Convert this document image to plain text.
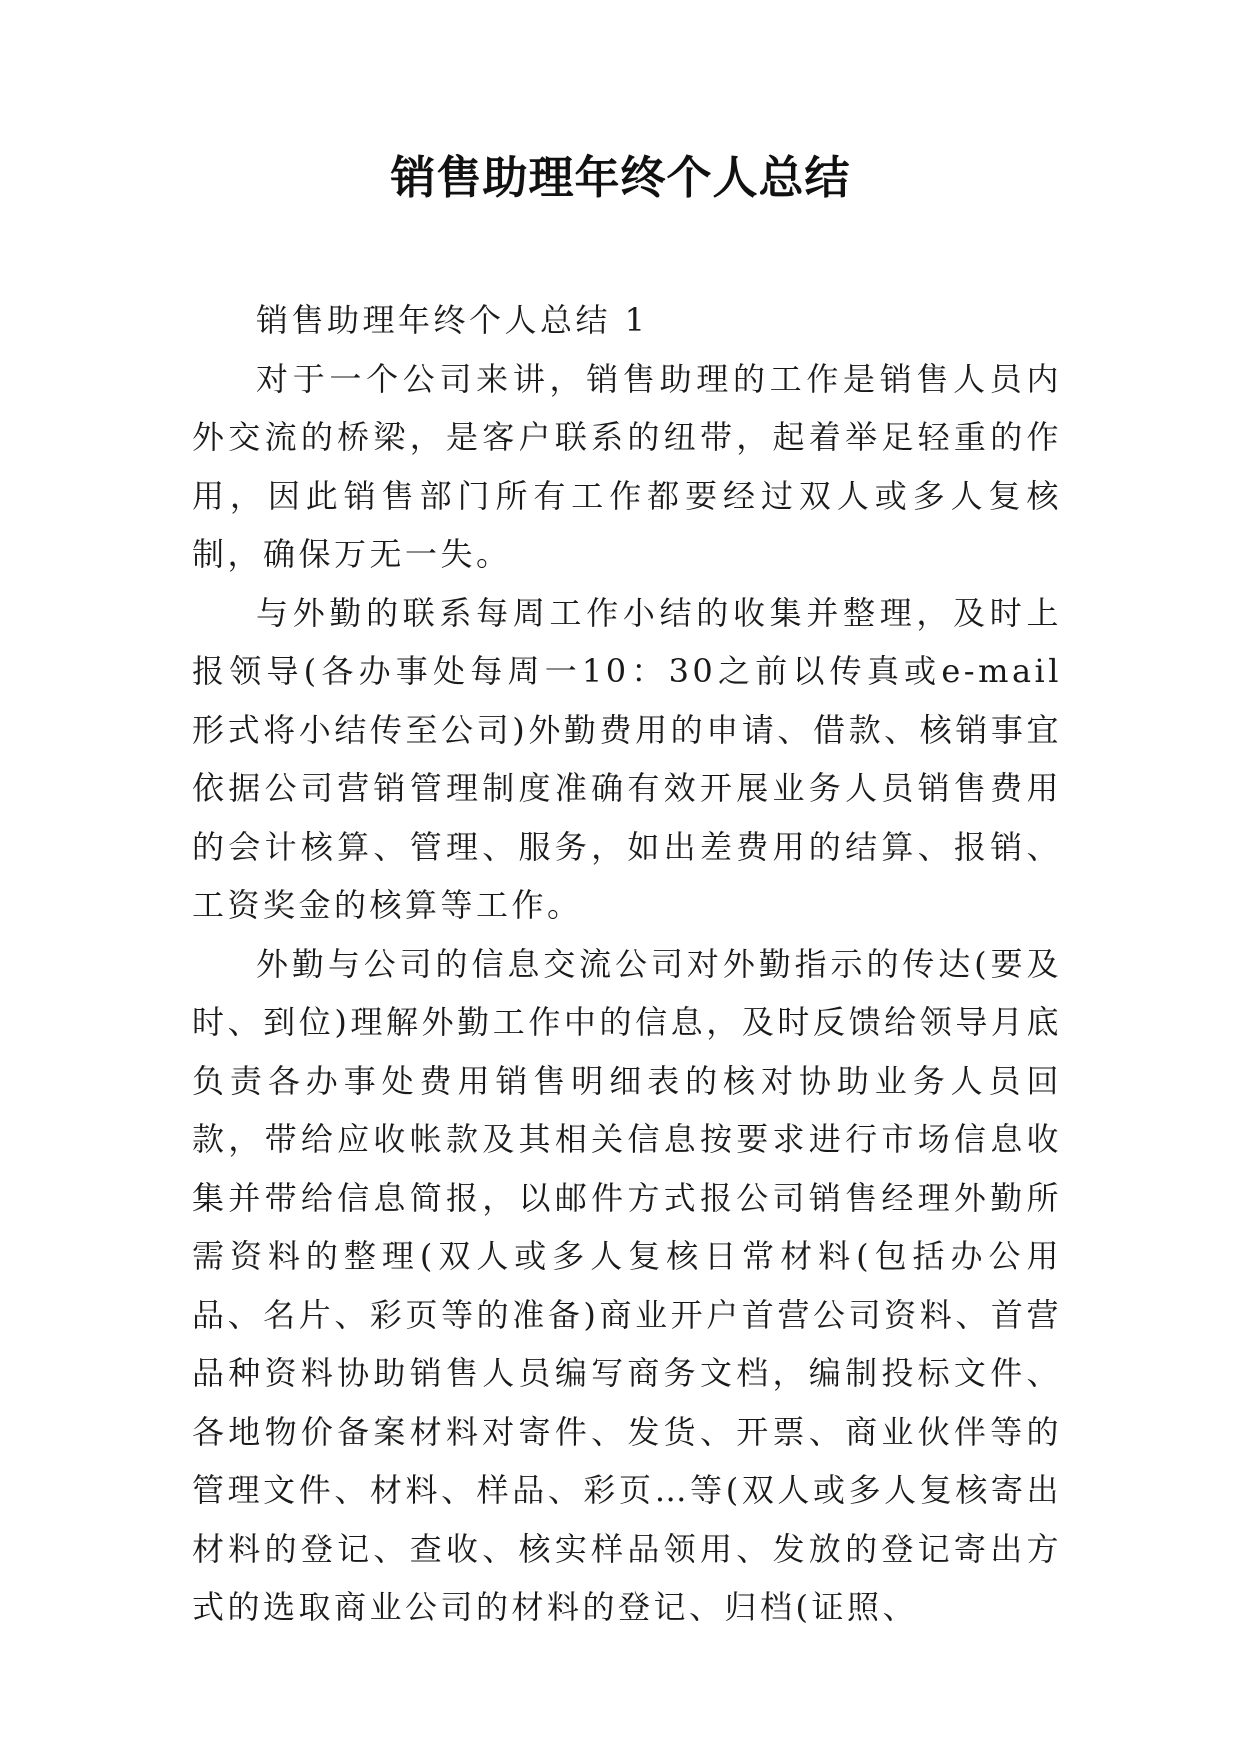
销售助理年终个人总结

销售助理年终个人总结 1

对于一个公司来讲，销售助理的工作是销售人员内外交流的桥梁，是客户联系的纽带，起着举足轻重的作用，因此销售部门所有工作都要经过双人或多人复核制，确保万无一失。

与外勤的联系每周工作小结的收集并整理，及时上报领导(各办事处每周一10：30之前以传真或e-mail形式将小结传至公司)外勤费用的申请、借款、核销事宜依据公司营销管理制度准确有效开展业务人员销售费用的会计核算、管理、服务，如出差费用的结算、报销、工资奖金的核算等工作。

外勤与公司的信息交流公司对外勤指示的传达(要及时、到位)理解外勤工作中的信息，及时反馈给领导月底负责各办事处费用销售明细表的核对协助业务人员回款，带给应收帐款及其相关信息按要求进行市场信息收集并带给信息简报，以邮件方式报公司销售经理外勤所需资料的整理(双人或多人复核日常材料(包括办公用品、名片、彩页等的准备)商业开户首营公司资料、首营品种资料协助销售人员编写商务文档，编制投标文件、各地物价备案材料对寄件、发货、开票、商业伙伴等的管理文件、材料、样品、彩页…等(双人或多人复核寄出材料的登记、查收、核实样品领用、发放的登记寄出方式的选取商业公司的材料的登记、归档(证照、
